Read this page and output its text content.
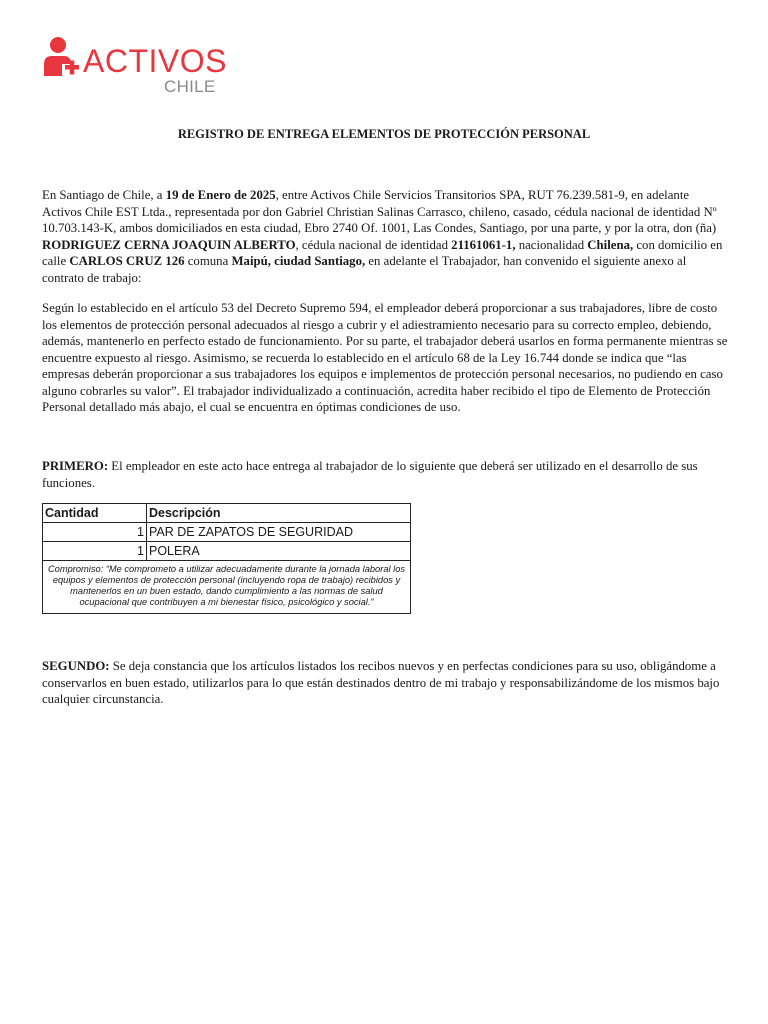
ACTIVOS
CHILE
REGISTRO DE ENTREGA ELEMENTOS DE PROTECCIÓN PERSONAL
En Santiago de Chile, a 19 de Enero de 2025, entre Activos Chile Servicios Transitorios SPA, RUT 76.239.581-9, en adelante Activos Chile EST Ltda., representada por don Gabriel Christian Salinas Carrasco, chileno, casado, cédula nacional de identidad Nº 10.703.143-K, ambos domiciliados en esta ciudad, Ebro 2740 Of. 1001, Las Condes, Santiago, por una parte, y por la otra, don (ña) RODRIGUEZ CERNA JOAQUIN ALBERTO, cédula nacional de identidad 21161061-1, nacionalidad Chilena, con domicilio en calle CARLOS CRUZ 126 comuna Maipú, ciudad Santiago, en adelante el Trabajador, han convenido el siguiente anexo al contrato de trabajo:
Según lo establecido en el artículo 53 del Decreto Supremo 594, el empleador deberá proporcionar a sus trabajadores, libre de costo los elementos de protección personal adecuados al riesgo a cubrir y el adiestramiento necesario para su correcto empleo, debiendo, además, mantenerlo en perfecto estado de funcionamiento. Por su parte, el trabajador deberá usarlos en forma permanente mientras se encuentre expuesto al riesgo. Asimismo, se recuerda lo establecido en el artículo 68 de la Ley 16.744 donde se indica que “las empresas deberán proporcionar a sus trabajadores los equipos e implementos de protección personal necesarios, no pudiendo en caso alguno cobrarles su valor”. El trabajador individualizado a continuación, acredita haber recibido el tipo de Elemento de Protección Personal detallado más abajo, el cual se encuentra en óptimas condiciones de uso.
PRIMERO: El empleador en este acto hace entrega al trabajador de lo siguiente que deberá ser utilizado en el desarrollo de sus funciones.
Cantidad	Descripción
1	PAR DE ZAPATOS DE SEGURIDAD
1	POLERA
Compromiso: “Me comprometo a utilizar adecuadamente durante la jornada laboral los equipos y elementos de protección personal (incluyendo ropa de trabajo) recibidos y mantenerlos en un buen estado, dando cumplimiento a las normas de salud ocupacional que contribuyen a mi bienestar físico, psicológico y social.”	
SEGUNDO: Se deja constancia que los artículos listados los recibos nuevos y en perfectas condiciones para su uso, obligándome a conservarlos en buen estado, utilizarlos para lo que están destinados dentro de mi trabajo y responsabilizándome de los mismos bajo cualquier circunstancia.
